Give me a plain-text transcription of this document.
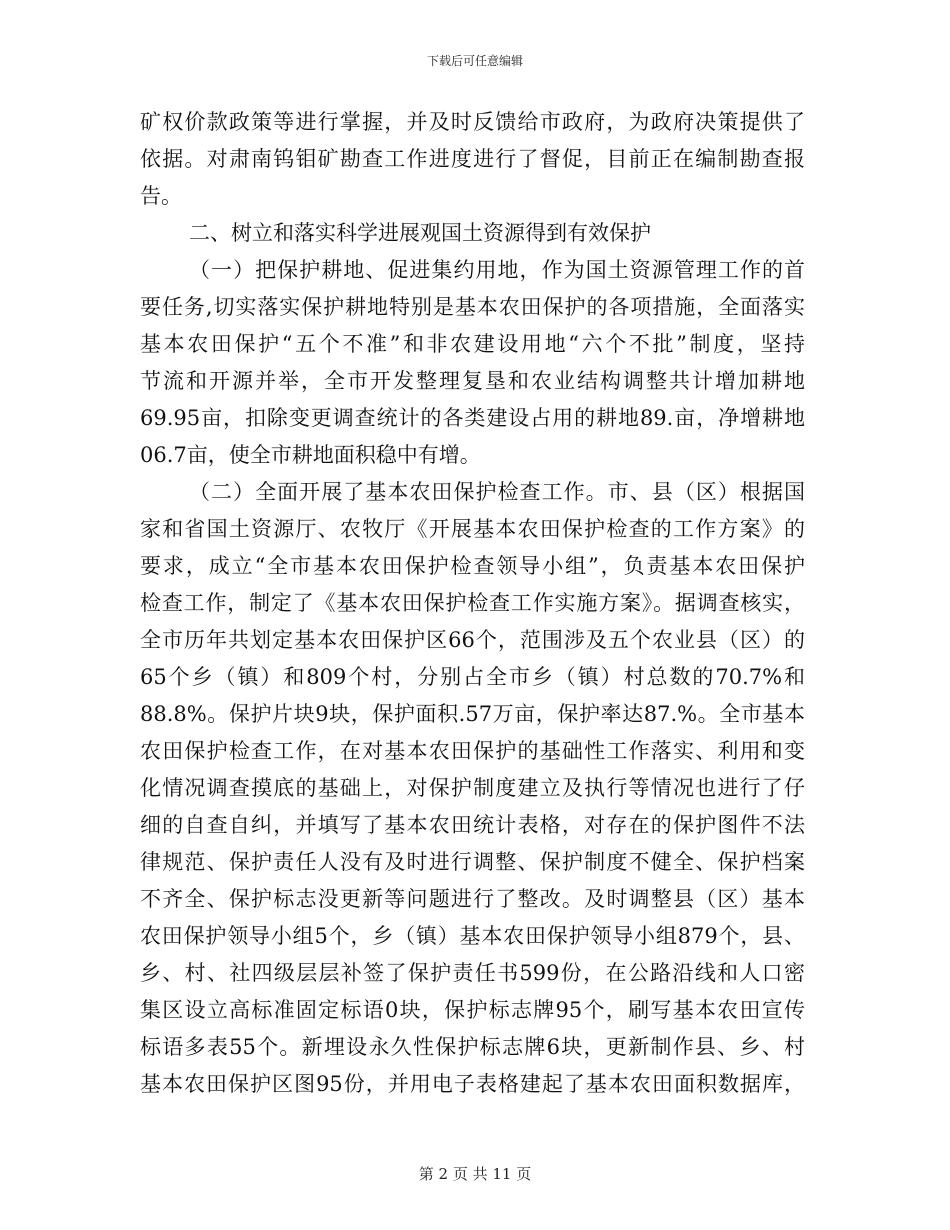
下载后可任意编辑
矿权价款政策等进行掌握，并及时反馈给市政府，为政府决策提供了
依据。对肃南钨钼矿勘查工作进度进行了督促，目前正在编制勘查报
告。
二、树立和落实科学进展观国土资源得到有效保护
（一）把保护耕地、促进集约用地，作为国土资源管理工作的首
要任务,切实落实保护耕地特别是基本农田保护的各项措施，全面落实
基本农田保护“五个不准”和非农建设用地“六个不批”制度，坚持
节流和开源并举，全市开发整理复垦和农业结构调整共计增加耕地
69.95亩，扣除变更调查统计的各类建设占用的耕地89.亩，净增耕地
06.7亩，使全市耕地面积稳中有增。
（二）全面开展了基本农田保护检查工作。市、县（区）根据国
家和省国土资源厅、农牧厅《开展基本农田保护检查的工作方案》的
要求，成立“全市基本农田保护检查领导小组”，负责基本农田保护
检查工作，制定了《基本农田保护检查工作实施方案》。据调查核实，
全市历年共划定基本农田保护区66个，范围涉及五个农业县（区）的
65个乡（镇）和809个村，分别占全市乡（镇）村总数的70.7%和
88.8%。保护片块9块，保护面积.57万亩，保护率达87.%。全市基本
农田保护检查工作，在对基本农田保护的基础性工作落实、利用和变
化情况调查摸底的基础上，对保护制度建立及执行等情况也进行了仔
细的自查自纠，并填写了基本农田统计表格，对存在的保护图件不法
律规范、保护责任人没有及时进行调整、保护制度不健全、保护档案
不齐全、保护标志没更新等问题进行了整改。及时调整县（区）基本
农田保护领导小组5个，乡（镇）基本农田保护领导小组879个，县、
乡、村、社四级层层补签了保护责任书599份，在公路沿线和人口密
集区设立高标准固定标语0块，保护标志牌95个，刷写基本农田宣传
标语多表55个。新埋设永久性保护标志牌6块，更新制作县、乡、村
基本农田保护区图95份，并用电子表格建起了基本农田面积数据库，
第 2 页 共 11 页
